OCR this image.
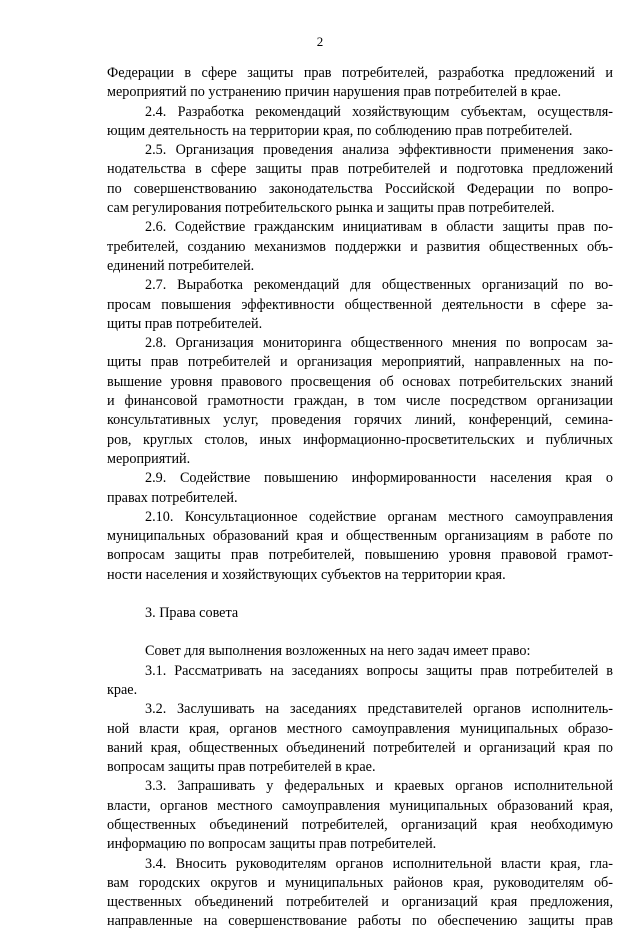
2
Федерации в сфере защиты прав потребителей, разработка предложений и
мероприятий по устранению причин нарушения прав потребителей в крае.
2.4. Разработка рекомендаций хозяйствующим субъектам, осуществля-
ющим деятельность на территории края, по соблюдению прав потребителей.
2.5. Организация проведения анализа эффективности применения зако-
нодательства в сфере защиты прав потребителей и подготовка предложений
по совершенствованию законодательства Российской Федерации по вопро-
сам регулирования потребительского рынка и защиты прав потребителей.
2.6. Содействие гражданским инициативам в области защиты прав по-
требителей, созданию механизмов поддержки и развития общественных объ-
единений потребителей.
2.7. Выработка рекомендаций для общественных организаций по во-
просам повышения эффективности общественной деятельности в сфере за-
щиты прав потребителей.
2.8. Организация мониторинга общественного мнения по вопросам за-
щиты прав потребителей и организация мероприятий, направленных на по-
вышение уровня правового просвещения об основах потребительских знаний
и финансовой грамотности граждан, в том числе посредством организации
консультативных услуг, проведения горячих линий, конференций, семина-
ров, круглых столов, иных информационно-просветительских и публичных
мероприятий.
2.9. Содействие повышению информированности населения края о
правах потребителей.
2.10. Консультационное содействие органам местного самоуправления
муниципальных образований края и общественным организациям в работе по
вопросам защиты прав потребителей, повышению уровня правовой грамот-
ности населения и хозяйствующих субъектов на территории края.
3. Права совета
Совет для выполнения возложенных на него задач имеет право:
3.1. Рассматривать на заседаниях вопросы защиты прав потребителей в
крае.
3.2. Заслушивать на заседаниях представителей органов исполнитель-
ной власти края, органов местного самоуправления муниципальных образо-
ваний края, общественных объединений потребителей и организаций края по
вопросам защиты прав потребителей в крае.
3.3. Запрашивать у федеральных и краевых органов исполнительной
власти, органов местного самоуправления муниципальных образований края,
общественных объединений потребителей, организаций края необходимую
информацию по вопросам защиты прав потребителей.
3.4. Вносить руководителям органов исполнительной власти края, гла-
вам городских округов и муниципальных районов края, руководителям об-
щественных объединений потребителей и организаций края предложения,
направленные на совершенствование работы по обеспечению защиты прав
